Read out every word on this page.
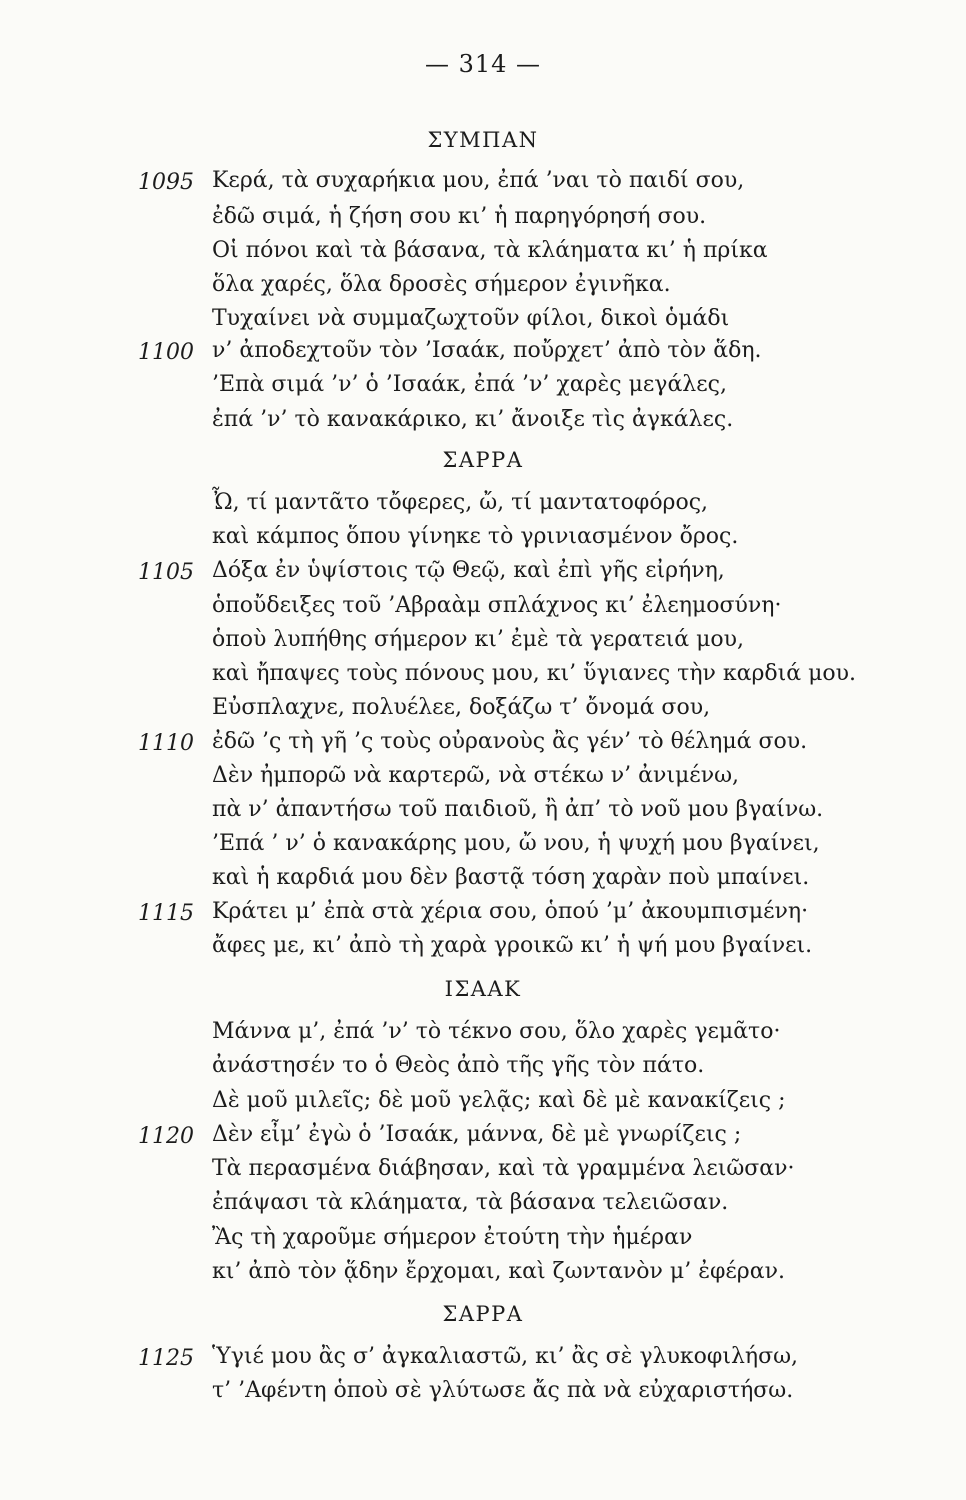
— 314 —
ΣΥΜΠΑΝ
1095 Κερά, τὰ συχαρήκια μου, ἐπά ’ναι τὸ παιδί σου,
ἐδῶ σιμά, ἡ ζήση σου κι’ ἡ παρηγόρησή σου.
Οἱ πόνοι καὶ τὰ βάσανα, τὰ κλάηματα κι’ ἡ πρίκα
ὅλα χαρές, ὅλα δροσὲς σήμερον ἐγινῆκα.
Τυχαίνει νὰ συμμαζωχτοῦν φίλοι, δικοὶ ὁμάδι
1100 ν’ ἀποδεχτοῦν τὸν ’Ισαάκ, ποὔρχετ’ ἀπὸ τὸν ἅδη.
’Επὰ σιμά ’ν’ ὁ ’Ισαάκ, ἐπά ’ν’ χαρὲς μεγάλες,
ἐπά ’ν’ τὸ κανακάρικο, κι’ ἄνοιξε τὶς ἀγκάλες.
ΣΑΡΡΑ
Ὦ, τί μαντᾶτο τὄφερες, ὤ, τί μαντατοφόρος,
καὶ κάμπος ὅπου γίνηκε τὸ γρινιασμένον ὄρος.
1105 Δόξα ἐν ὑψίστοις τῷ Θεῷ, καὶ ἐπὶ γῆς εἰρήνη,
ὁποὔδειξες τοῦ ’Αβραὰμ σπλάχνος κι’ ἐλεημοσύνη·
ὁποὺ λυπήθης σήμερον κι’ ἐμὲ τὰ γερατειά μου,
καὶ ἤπαψες τοὺς πόνους μου, κι’ ὕγιανες τὴν καρδιά μου.
Εὐσπλαχνε, πολυέλεε, δοξάζω τ’ ὄνομά σου,
1110 ἐδῶ ’ς τὴ γῆ ’ς τοὺς οὐρανοὺς ἂς γέν’ τὸ θέλημά σου.
Δὲν ἠμπορῶ νὰ καρτερῶ, νὰ στέκω ν’ ἀνιμένω,
πὰ ν’ ἀπαντήσω τοῦ παιδιοῦ, ἢ ἀπ’ τὸ νοῦ μου βγαίνω.
’Επά ’ ν’ ὁ κανακάρης μου, ὤ νου, ἡ ψυχή μου βγαίνει,
καὶ ἡ καρδιά μου δὲν βαστᾷ τόση χαρὰν ποὺ μπαίνει.
1115 Κράτει μ’ ἐπὰ στὰ χέρια σου, ὁπού ’μ’ ἀκουμπισμένη·
ἄφες με, κι’ ἀπὸ τὴ χαρὰ γροικῶ κι’ ἡ ψή μου βγαίνει.
ΙΣΑΑΚ
Μάννα μ’, ἐπά ’ν’ τὸ τέκνο σου, ὅλο χαρὲς γεμᾶτο·
ἀνάστησέν το ὁ Θεὸς ἀπὸ τῆς γῆς τὸν πάτο.
Δὲ μοῦ μιλεῖς; δὲ μοῦ γελᾷς; καὶ δὲ μὲ κανακίζεις ;
1120 Δὲν εἶμ’ ἐγὼ ὁ ’Ισαάκ, μάννα, δὲ μὲ γνωρίζεις ;
Τὰ περασμένα διάβησαν, καὶ τὰ γραμμένα λειῶσαν·
ἐπάψασι τὰ κλάηματα, τὰ βάσανα τελειῶσαν.
Ἂς τὴ χαροῦμε σήμερον ἐτούτη τὴν ἡμέραν
κι’ ἀπὸ τὸν ᾅδην ἔρχομαι, καὶ ζωντανὸν μ’ ἐφέραν.
ΣΑΡΡΑ
1125 Ὑγιέ μου ἂς σ’ ἀγκαλιαστῶ, κι’ ἂς σὲ γλυκοφιλήσω,
τ’ ’Αφέντη ὁποὺ σὲ γλύτωσε ἄς πὰ νὰ εὐχαριστήσω.
